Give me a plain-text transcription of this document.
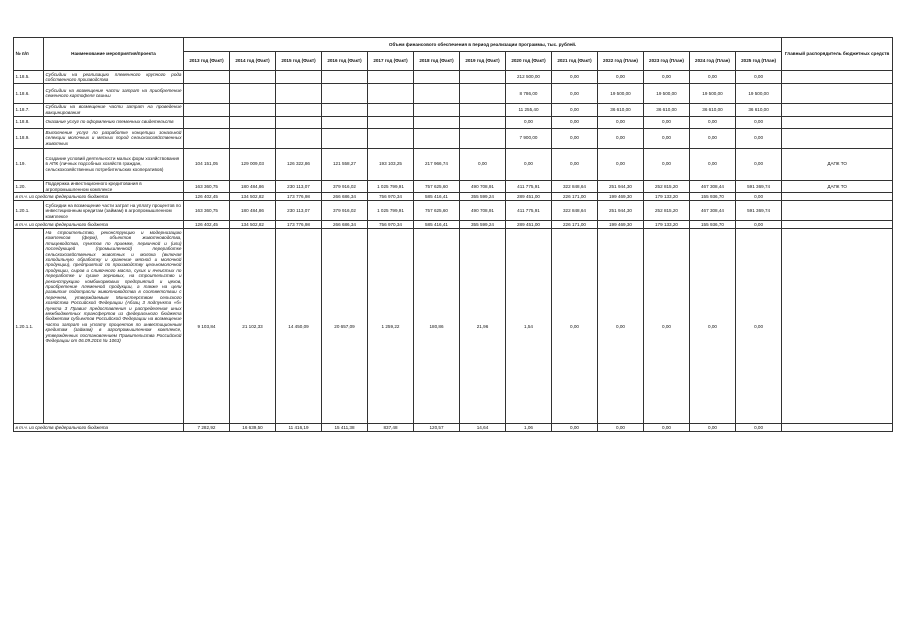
№ п/п	Наименование мероприятия/проекта	Объем финансового обеспечения в период реализации программы, тыс. рублей.													Главный распорядитель бюджетных средств
		2013 год (Факт)	2014 год (Факт)	2015 год (Факт)	2016 год (Факт)	2017 год (Факт)	2018 год (Факт)	2019 год (Факт)	2020 год (Факт)	2021 год (Факт)	2022 год (План)	2023 год (План)	2024 год (План)	2025 год (План)	
1.18.5.	Субсидии на реализацию племенного крупного рода собственного производства								212 500,00	0,00	0,00	0,00	0,00	0,00	
1.18.6.	Субсидии на возмещение части затрат на приобретение семенного картофеля свиньи								8 786,00	0,00	19 500,00	19 500,00	19 500,00	19 500,00	
1.18.7.	Субсидии на возмещение части затрат на проведение вакцинирования								11 255,40	0,00	36 610,00	36 610,00	36 610,00	36 610,00	
1.18.8.	Оказание услуг по оформлению племенных свидетельств								0,00	0,00	0,00	0,00	0,00	0,00	
1.18.9.	Выполнение услуг по разработке концепции зональной селекции молочных и мясных пород сельскохозяйственных животных								7 900,00	0,00	0,00	0,00	0,00	0,00	
1.19.	Создание условий деятельности малых форм хозяйствования в АПК (личных подсобных хозяйств граждан, сельскохозяйственных потребительских кооперативов)	104 151,05	129 009,03	126 322,86	121 558,27	193 103,25	217 966,74	0,00	0,00	0,00	0,00	0,00	0,00	0,00	ДАПК ТО
1.20.	Поддержка инвестиционного кредитования в агропромышленном комплексе	163 360,75	180 484,86	230 113,07	379 916,02	1 025 799,91	757 625,60	490 708,91	411 775,91	322 848,64	251 944,30	252 815,20	467 308,44	591 369,74	ДАПК ТО
в т.ч. из средств федерального бюджета		126 402,45	134 502,82	173 776,98	266 686,34	756 970,34	585 416,41	355 599,24	289 451,00	226 171,00	199 469,30	179 133,20	155 936,70	0,00	
1.20.1.	Субсидии на возмещение части затрат на уплату процентов по инвестиционным кредитам (займам) в агропромышленном комплексе	163 360,75	180 484,86	230 113,07	379 916,02	1 025 799,91	757 625,60	490 708,91	411 775,91	322 848,64	251 944,30	252 815,20	467 308,44	591 369,74	
в т.ч. из средств федерального бюджета		126 402,45	134 502,82	173 776,98	266 686,34	756 970,34	585 416,41	355 599,24	289 451,00	226 171,00	199 469,30	179 133,20	155 936,70	0,00	
1.20.1.1.	На строительство, реконструкцию и модернизацию комплексов (ферм), объектов животноводства, птицеводства, пунктов по приемке, первичной и (или) последующей (промышленной) переработке сельскохозяйственных животных и молока (включая холодильную обработку и хранение мясной и молочной продукции), предприятий по производству цельномолочной продукции, сыров и сливочного масла, сухих и ячеистых по переработке и сушке зерновых, на строительство и реконструкцию комбикормовых предприятий и цехов, приобретение племенной продукции, а также на цели развития подотрасли животноводства в соответствии с перечнем, утверждаемым Министерством сельского хозяйства Российской Федерации (Абзац 3 подпункта «б» пункта 3 Правил предоставления и распределения иных межбюджетных трансфертов из федерального бюджета бюджетам субъектов Российской Федерации на возмещение части затрат на уплату процентов по инвестиционным кредитам (займам) в агропромышленном комплексе, утвержденных постановлением Правительства Российской Федерации от 06.09.2016 № 1063)	9 103,84	21 102,33	14 450,09	20 657,09	1 259,22	180,86	21,96	1,54	0,00	0,00	0,00	0,00	0,00	
в т.ч. из средств федерального бюджета		7 282,92	16 639,50	11 416,19	15 411,38	837,48	120,57	14,64	1,06	0,00	0,00	0,00	0,00	0,00	
